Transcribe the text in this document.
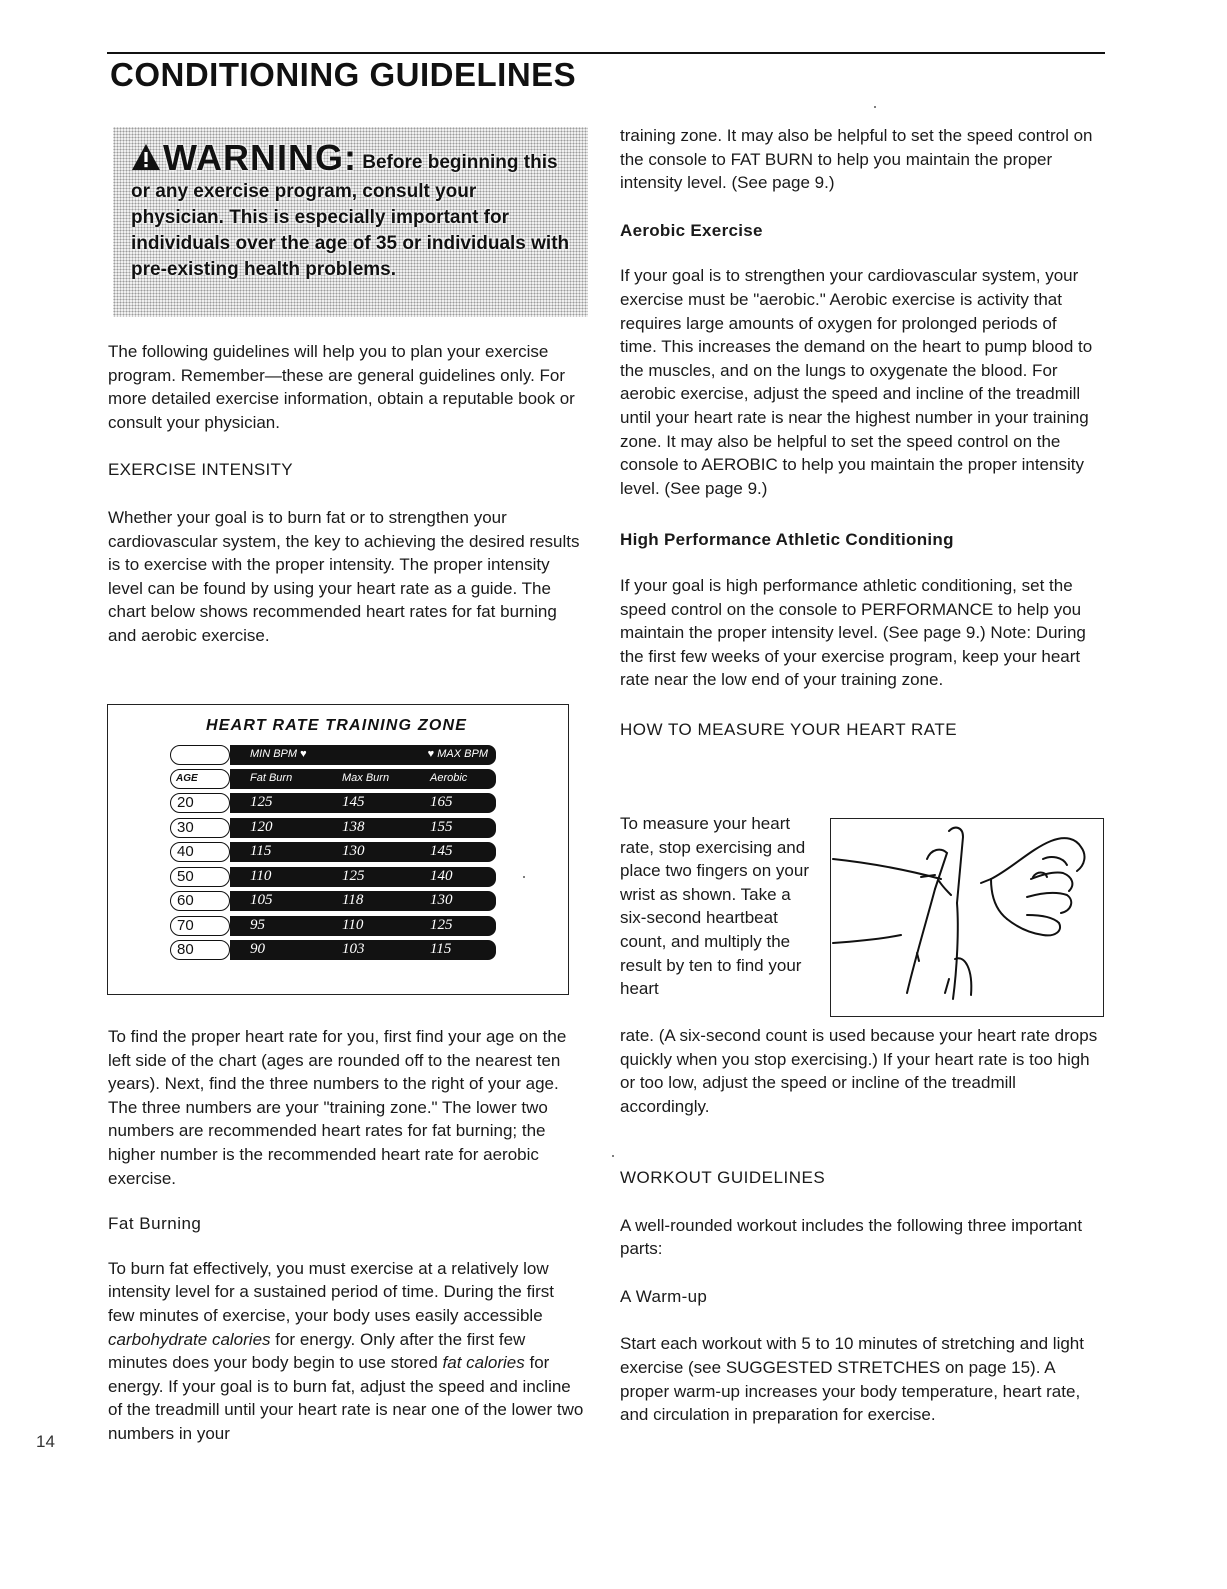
CONDITIONING GUIDELINES
WARNING: Before beginning this or any exercise program, consult your physician. This is especially important for individuals over the age of 35 or individuals with pre-existing health problems.

The following guidelines will help you to plan your exercise program. Remember—these are general guidelines only. For more detailed exercise information, obtain a reputable book or consult your physician.

EXERCISE INTENSITY

Whether your goal is to burn fat or to strengthen your cardiovascular system, the key to achieving the desired results is to exercise with the proper intensity. The proper intensity level can be found by using your heart rate as a guide. The chart below shows recommended heart rates for fat burning and aerobic exercise.

HEART RATE TRAINING ZONE
MIN BPM ♥	♥ MAX BPM
AGE	Fat Burn	Max Burn	Aerobic
20	125	145	165
30	120	138	155
40	115	130	145
50	110	125	140
60	105	118	130
70	95	110	125
80	90	103	115

To find the proper heart rate for you, first find your age on the left side of the chart (ages are rounded off to the nearest ten years). Next, find the three numbers to the right of your age. The three numbers are your "training zone." The lower two numbers are recommended heart rates for fat burning; the higher number is the recommended heart rate for aerobic exercise.

Fat Burning

To burn fat effectively, you must exercise at a relatively low intensity level for a sustained period of time. During the first few minutes of exercise, your body uses easily accessible carbohydrate calories for energy. Only after the first few minutes does your body begin to use stored fat calories for energy. If your goal is to burn fat, adjust the speed and incline of the treadmill until your heart rate is near one of the lower two numbers in your

training zone. It may also be helpful to set the speed control on the console to FAT BURN to help you maintain the proper intensity level. (See page 9.)

Aerobic Exercise

If your goal is to strengthen your cardiovascular system, your exercise must be "aerobic." Aerobic exercise is activity that requires large amounts of oxygen for prolonged periods of time. This increases the demand on the heart to pump blood to the muscles, and on the lungs to oxygenate the blood. For aerobic exercise, adjust the speed and incline of the treadmill until your heart rate is near the highest number in your training zone. It may also be helpful to set the speed control on the console to AEROBIC to help you maintain the proper intensity level. (See page 9.)

High Performance Athletic Conditioning

If your goal is high performance athletic conditioning, set the speed control on the console to PERFORMANCE to help you maintain the proper intensity level. (See page 9.) Note: During the first few weeks of your exercise program, keep your heart rate near the low end of your training zone.

HOW TO MEASURE YOUR HEART RATE

To measure your heart rate, stop exercising and place two fingers on your wrist as shown. Take a six-second heartbeat count, and multiply the result by ten to find your heart
rate. (A six-second count is used because your heart rate drops quickly when you stop exercising.) If your heart rate is too high or too low, adjust the speed or incline of the treadmill accordingly.

WORKOUT GUIDELINES

A well-rounded workout includes the following three important parts:

A Warm-up

Start each workout with 5 to 10 minutes of stretching and light exercise (see SUGGESTED STRETCHES on page 15). A proper warm-up increases your body temperature, heart rate, and circulation in preparation for exercise.

14
